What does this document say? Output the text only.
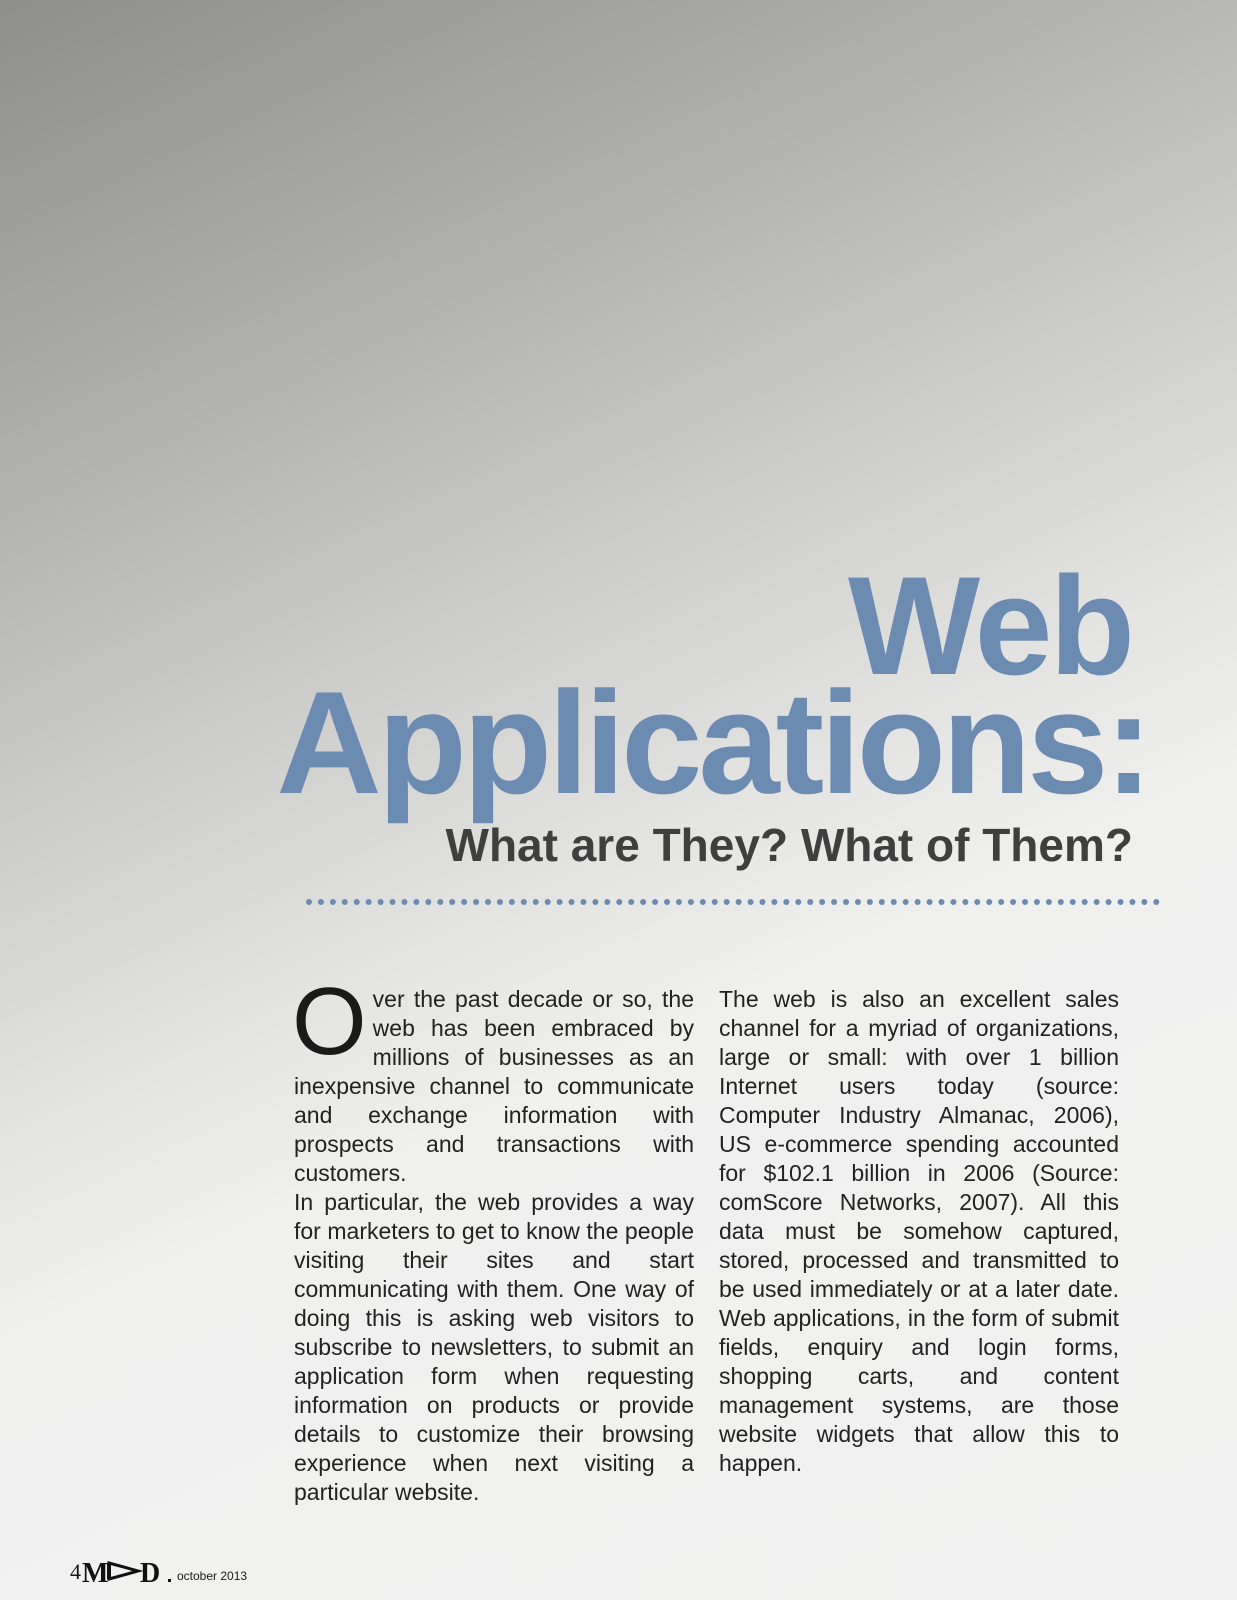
Web
Applications:
What are They? What of Them?

Over the past decade or so, the web has been embraced by millions of businesses as an inexpensive channel to communicate and exchange information with prospects and transactions with customers.

In particular, the web provides a way for marketers to get to know the people visiting their sites and start communicating with them. One way of doing this is asking web visitors to subscribe to newsletters, to submit an application form when requesting information on products or provide details to customize their browsing experience when next visiting a particular website.

The web is also an excellent sales channel for a myriad of organizations, large or small: with over 1 billion Internet users today (source: Computer Industry Almanac, 2006), US e-commerce spending accounted for $102.1 billion in 2006 (Source: comScore Networks, 2007). All this data must be somehow captured, stored, processed and transmitted to be used immediately or at a later date. Web applications, in the form of submit fields, enquiry and login forms, shopping carts, and content management systems, are those website widgets that allow this to happen.

4 M D october 2013
